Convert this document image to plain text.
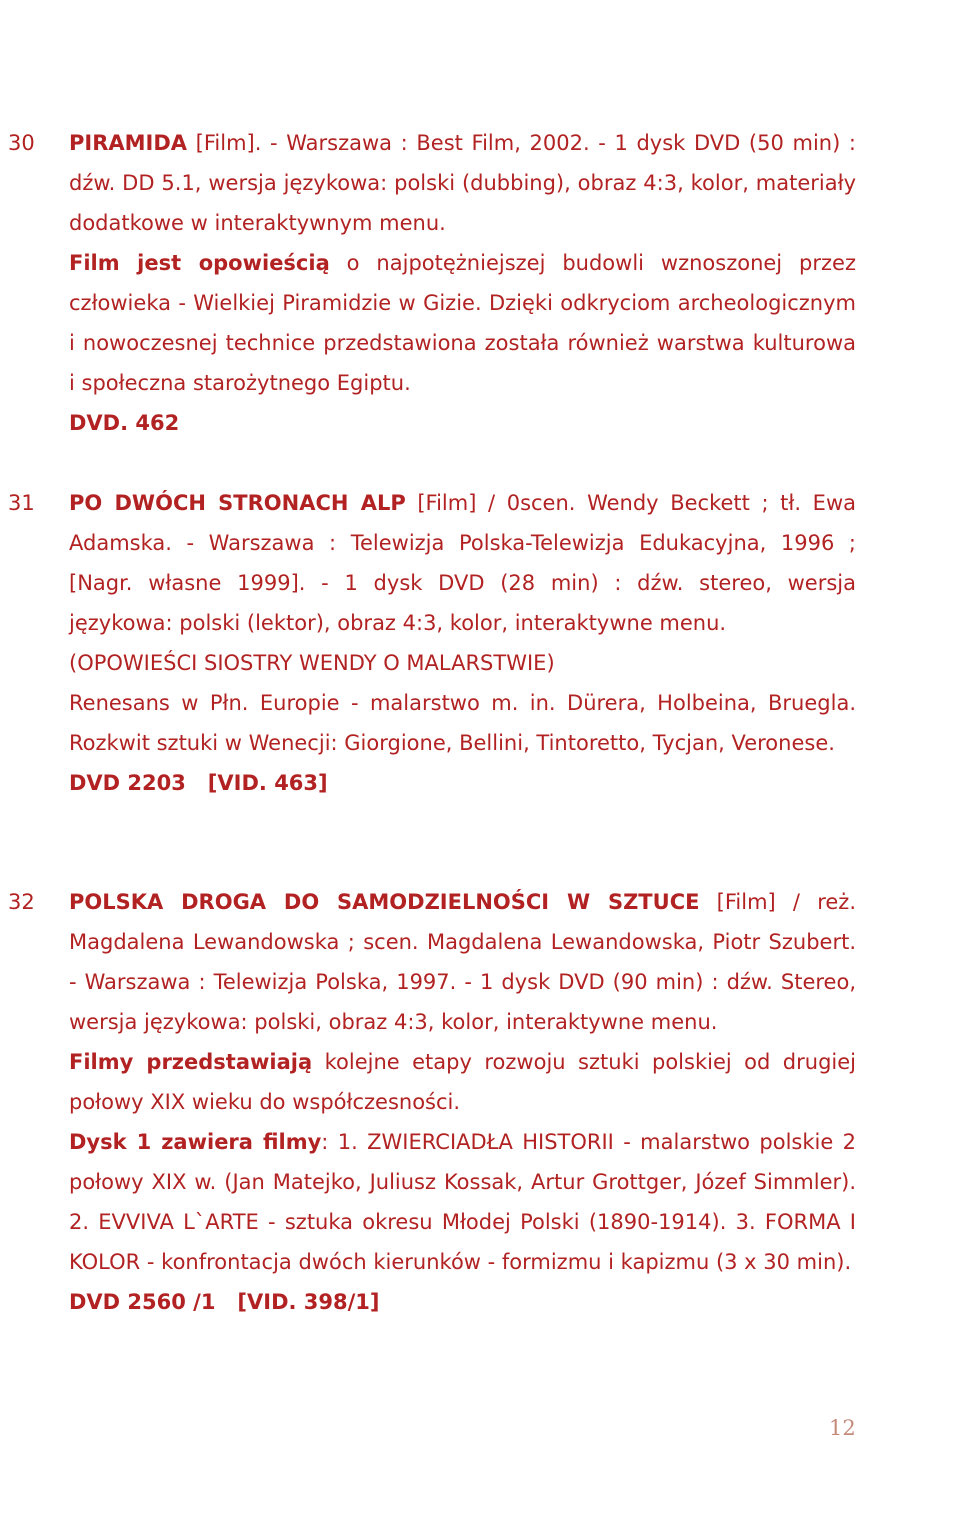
30 PIRAMIDA [Film]. - Warszawa : Best Film, 2002. - 1 dysk DVD (50 min) : dźw. DD 5.1, wersja językowa: polski (dubbing), obraz 4:3, kolor, materiały dodatkowe w interaktywnym menu.

Film jest opowieścią o najpotężniejszej budowli wznoszonej przez człowieka - Wielkiej Piramidzie w Gizie. Dzięki odkryciom archeologicznym i nowoczesnej technice przedstawiona została również warstwa kulturowa i społeczna starożytnego Egiptu.

DVD. 462

31 PO DWÓCH STRONACH ALP [Film] / 0scen. Wendy Beckett ; tł. Ewa Adamska. - Warszawa : Telewizja Polska-Telewizja Edukacyjna, 1996 ; [Nagr. własne 1999]. - 1 dysk DVD (28 min) : dźw. stereo, wersja językowa: polski (lektor), obraz 4:3, kolor, interaktywne menu.

(OPOWIEŚCI SIOSTRY WENDY O MALARSTWIE)

Renesans w Płn. Europie - malarstwo m. in. Dürera, Holbeina, Bruegla. Rozkwit sztuki w Wenecji: Giorgione, Bellini, Tintoretto, Tycjan, Veronese.

DVD 2203   [VID. 463]

32 POLSKA DROGA DO SAMODZIELNOŚCI W SZTUCE [Film] / reż. Magdalena Lewandowska ; scen. Magdalena Lewandowska, Piotr Szubert. - Warszawa : Telewizja Polska, 1997. - 1 dysk DVD (90 min) : dźw. Stereo, wersja językowa: polski, obraz 4:3, kolor, interaktywne menu.

Filmy przedstawiają kolejne etapy rozwoju sztuki polskiej od drugiej połowy XIX wieku do współczesności.

Dysk 1 zawiera filmy: 1. ZWIERCIADŁA HISTORII - malarstwo polskie 2 połowy XIX w. (Jan Matejko, Juliusz Kossak, Artur Grottger, Józef Simmler). 2. EVVIVA L`ARTE - sztuka okresu Młodej Polski (1890-1914). 3. FORMA I KOLOR - konfrontacja dwóch kierunków - formizmu i kapizmu (3 x 30 min).

DVD 2560 /1   [VID. 398/1]

12
